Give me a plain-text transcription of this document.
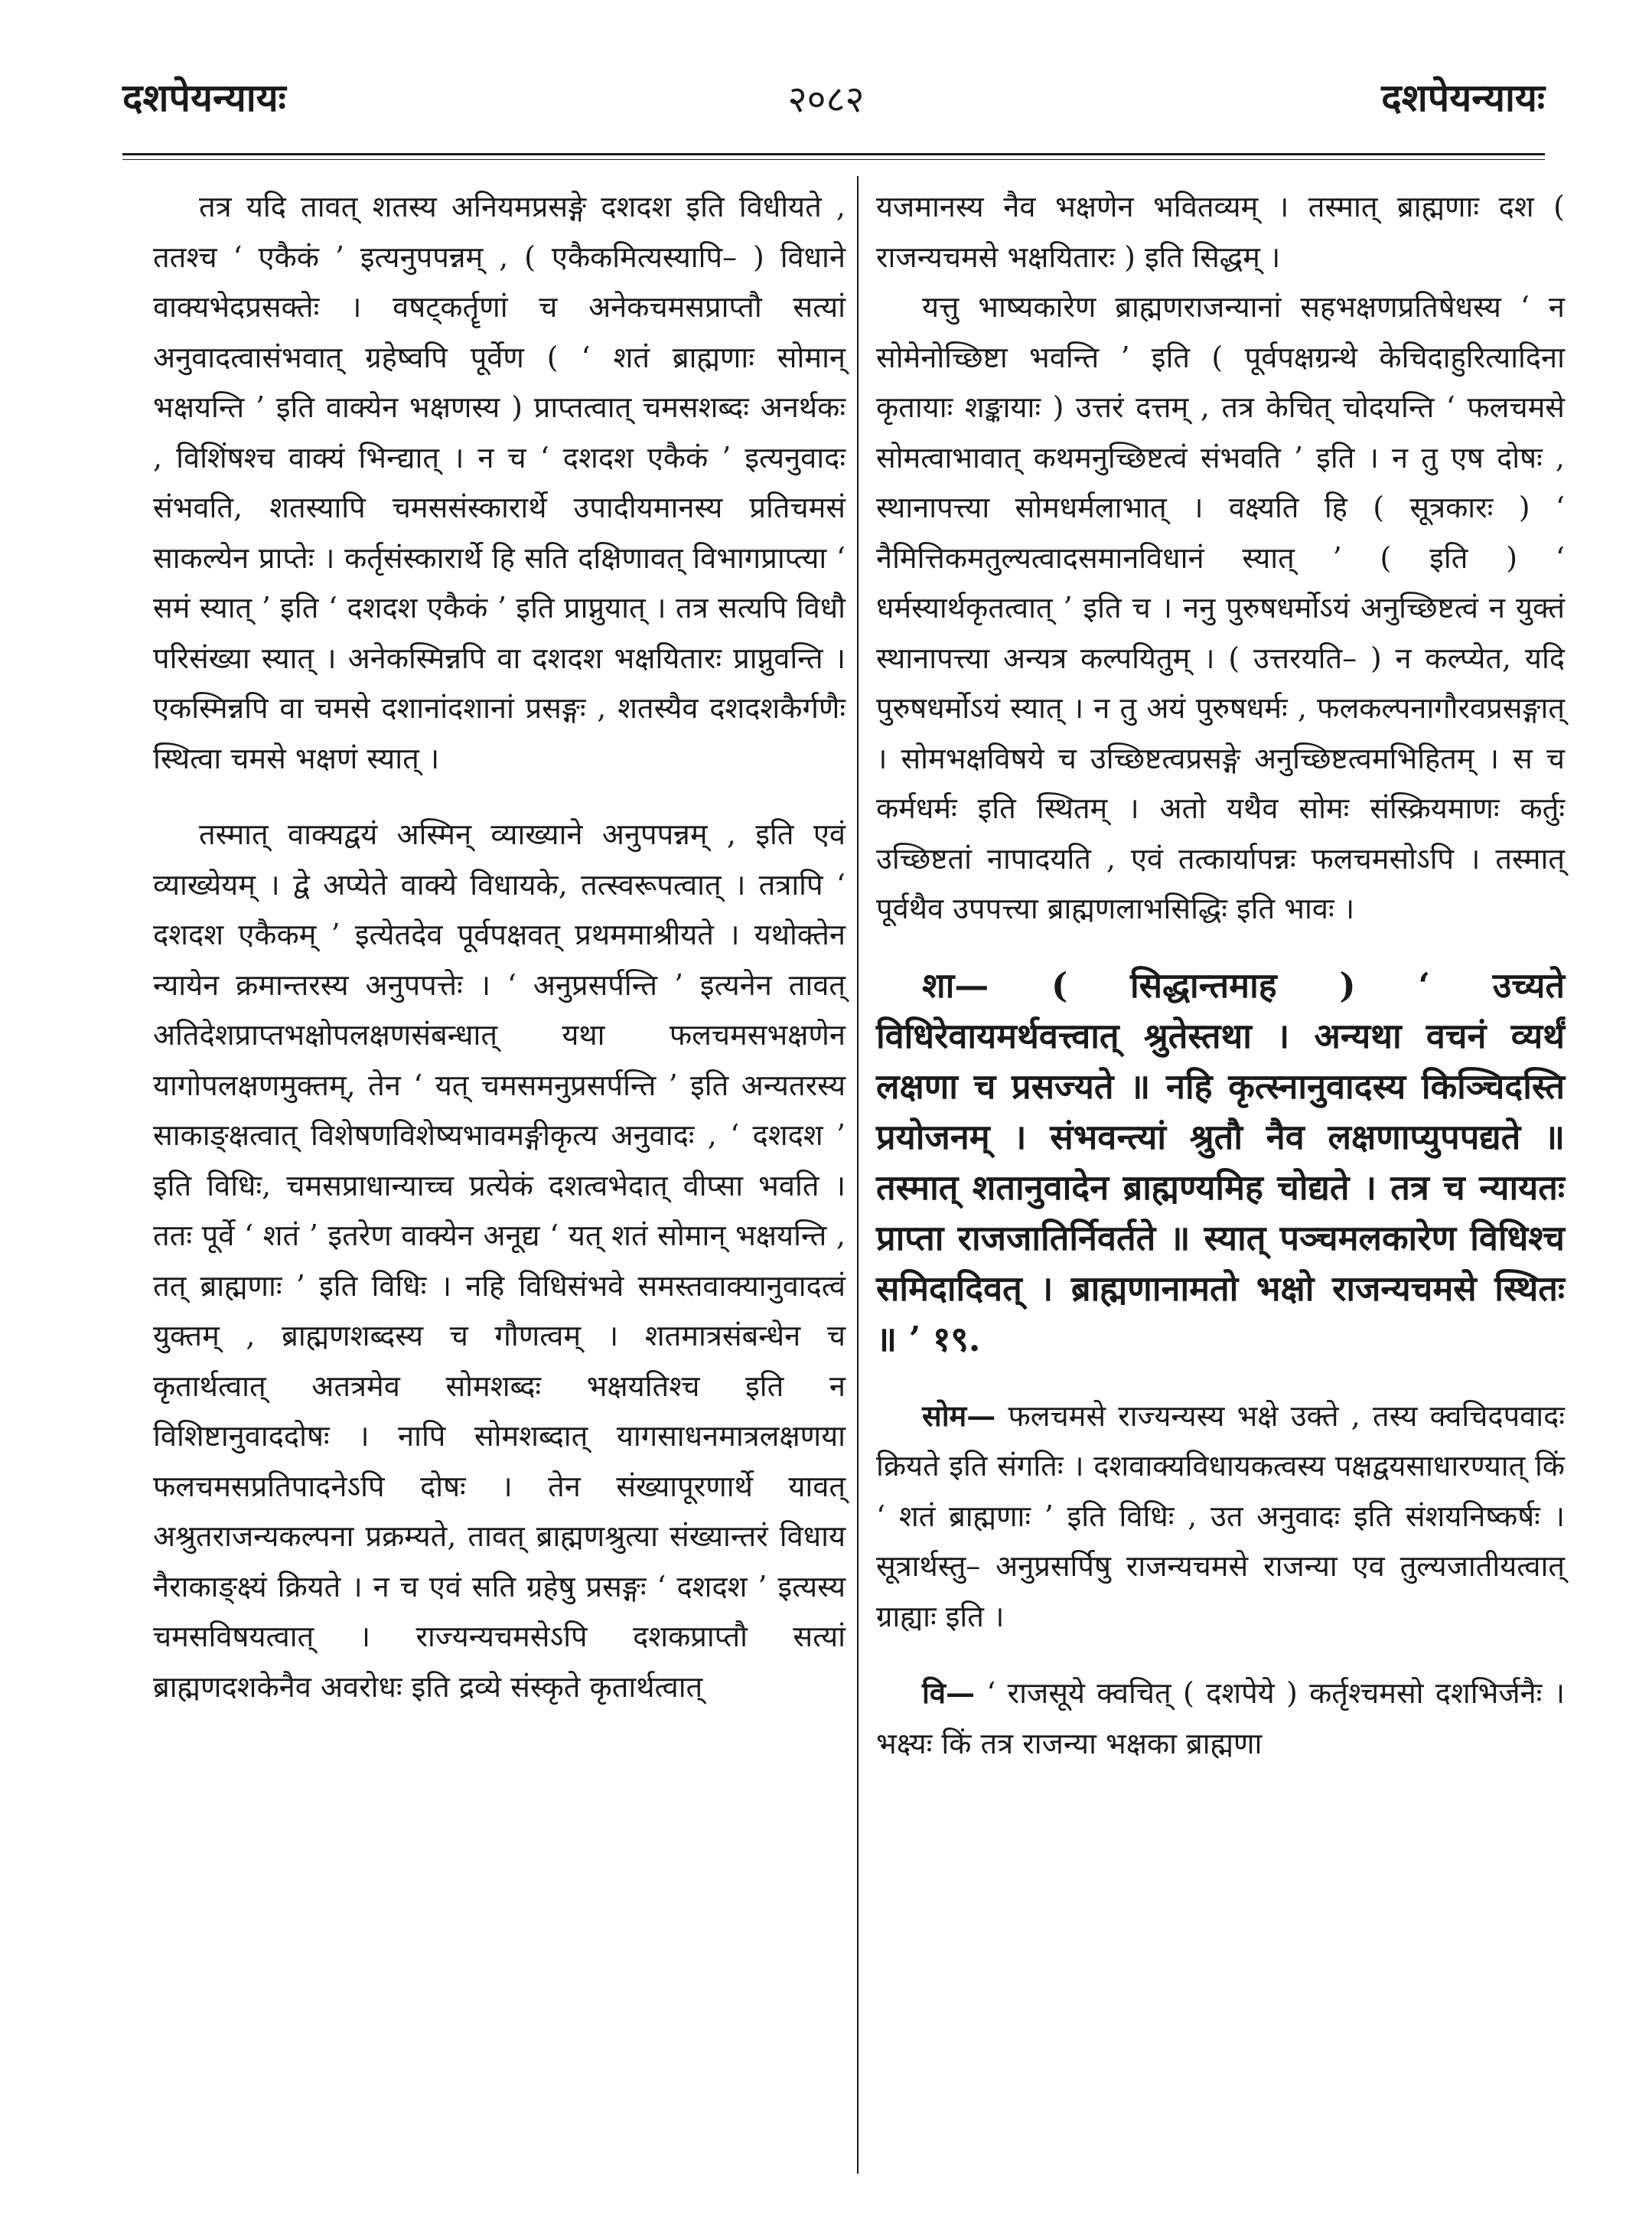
दशपेयन्यायः	२०८२	दशपेयन्यायः

तत्र यदि तावत् शतस्य अनियमप्रसङ्गे दशदश इति विधीयते , ततश्च ‘ एकैकं ’ इत्यनुपपन्नम् , ( एकैकमित्यस्यापि– ) विधाने वाक्यभेदप्रसक्तेः । वषट्कर्तॄणां च अनेकचमसप्राप्तौ सत्यां अनुवादत्वासंभवात् ग्रहेष्वपि पूर्वेण ( ‘ शतं ब्राह्मणाः सोमान् भक्षयन्ति ’ इति वाक्येन भक्षणस्य ) प्राप्तत्वात् चमसशब्दः अनर्थकः , विशिंषश्च वाक्यं भिन्द्यात् । न च ‘ दशदश एकैकं ’ इत्यनुवादः संभवति, शतस्यापि चमससंस्कारार्थे उपादीयमानस्य प्रतिचमसं साकल्येन प्राप्तेः । कर्तृसंस्कारार्थे हि सति दक्षिणावत् विभागप्राप्त्या ‘ समं स्यात् ’ इति ‘ दशदश एकैकं ’ इति प्राप्नुयात् । तत्र सत्यपि विधौ परिसंख्या स्यात् । अनेकस्मिन्नपि वा दशदश भक्षयितारः प्राप्नुवन्ति । एकस्मिन्नपि वा चमसे दशानांदशानां प्रसङ्गः , शतस्यैव दशदशकैर्गणैः स्थित्वा चमसे भक्षणं स्यात् ।

तस्मात् वाक्यद्वयं अस्मिन् व्याख्याने अनुपपन्नम् , इति एवं व्याख्येयम् । द्वे अप्येते वाक्ये विधायके, तत्स्वरूपत्वात् । तत्रापि ‘ दशदश एकैकम् ’ इत्येतदेव पूर्वपक्षवत् प्रथममाश्रीयते । यथोक्तेन न्यायेन क्रमान्तरस्य अनुपपत्तेः । ‘ अनुप्रसर्पन्ति ’ इत्यनेन तावत् अतिदेशप्राप्तभक्षोपलक्षणसंबन्धात् यथा फलचमसभक्षणेन यागोपलक्षणमुक्तम्, तेन ‘ यत् चमसमनुप्रसर्पन्ति ’ इति अन्यतरस्य साकाङ्क्षत्वात् विशेषणविशेष्यभावमङ्गीकृत्य अनुवादः , ‘ दशदश ’ इति विधिः, चमसप्राधान्याच्च प्रत्येकं दशत्वभेदात् वीप्सा भवति । ततः पूर्वे ‘ शतं ’ इतरेण वाक्येन अनूद्य ‘ यत् शतं सोमान् भक्षयन्ति , तत् ब्राह्मणाः ’ इति विधिः । नहि विधिसंभवे समस्तवाक्यानुवादत्वं युक्तम् , ब्राह्मणशब्दस्य च गौणत्वम् । शतमात्रसंबन्धेन च कृतार्थत्वात् अतत्रमेव सोमशब्दः भक्षयतिश्च इति न विशिष्टानुवाददोषः । नापि सोमशब्दात् यागसाधनमात्रलक्षणया फलचमसप्रतिपादनेऽपि दोषः । तेन संख्यापूरणार्थे यावत् अश्रुतराजन्यकल्पना प्रक्रम्यते, तावत् ब्राह्मणश्रुत्या संख्यान्तरं विधाय नैराकाङ्क्ष्यं क्रियते । न च एवं सति ग्रहेषु प्रसङ्गः ‘ दशदश ’ इत्यस्य चमसविषयत्वात् । राज्यन्यचमसेऽपि दशकप्राप्तौ सत्यां ब्राह्मणदशकेनैव अवरोधः इति द्रव्ये संस्कृते कृतार्थत्वात्

यजमानस्य नैव भक्षणेन भवितव्यम् । तस्मात् ब्राह्मणाः दश ( राजन्यचमसे भक्षयितारः ) इति सिद्धम् ।

यत्तु भाष्यकारेण ब्राह्मणराजन्यानां सहभक्षणप्रतिषेधस्य ‘ न सोमेनोच्छिष्टा भवन्ति ’ इति ( पूर्वपक्षग्रन्थे केचिदाहुरित्यादिना कृतायाः शङ्कायाः ) उत्तरं दत्तम् , तत्र केचित् चोदयन्ति ‘ फलचमसे सोमत्वाभावात् कथमनुच्छिष्टत्वं संभवति ’ इति । न तु एष दोषः , स्थानापत्त्या सोमधर्मलाभात् । वक्ष्यति हि ( सूत्रकारः ) ‘ नैमित्तिकमतुल्यत्वादसमानविधानं स्यात् ’ ( इति ) ‘ धर्मस्यार्थकृतत्वात् ’ इति च । ननु पुरुषधर्मोऽयं अनुच्छिष्टत्वं न युक्तं स्थानापत्त्या अन्यत्र कल्पयितुम् । ( उत्तरयति– ) न कल्प्येत, यदि पुरुषधर्मोऽयं स्यात् । न तु अयं पुरुषधर्मः , फलकल्पनागौरवप्रसङ्गात् । सोमभक्षविषये च उच्छिष्टत्वप्रसङ्गे अनुच्छिष्टत्वमभिहितम् । स च कर्मधर्मः इति स्थितम् । अतो यथैव सोमः संस्क्रियमाणः कर्तुः उच्छिष्टतां नापादयति , एवं तत्कार्यापन्नः फलचमसोऽपि । तस्मात् पूर्वथैव उपपत्त्या ब्राह्मणलाभसिद्धिः इति भावः ।

शा— ( सिद्धान्तमाह ) ‘ उच्यते विधिरेवायमर्थवत्त्वात् श्रुतेस्तथा । अन्यथा वचनं व्यर्थं लक्षणा च प्रसज्यते ॥ नहि कृत्स्नानुवादस्य किञ्चिदस्ति प्रयोजनम् । संभवन्त्यां श्रुतौ नैव लक्षणाप्युपपद्यते ॥ तस्मात् शतानुवादेन ब्राह्मण्यमिह चोद्यते । तत्र च न्यायतः प्राप्ता राजजातिर्निवर्तते ॥ स्यात् पञ्चमलकारेण विधिश्च समिदादिवत् । ब्राह्मणानामतो भक्षो राजन्यचमसे स्थितः ॥ ’ १९.

सोम— फलचमसे राज्यन्यस्य भक्षे उक्ते , तस्य क्वचिदपवादः क्रियते इति संगतिः । दशवाक्यविधायकत्वस्य पक्षद्वयसाधारण्यात् किं ‘ शतं ब्राह्मणाः ’ इति विधिः , उत अनुवादः इति संशयनिष्कर्षः । सूत्रार्थस्तु– अनुप्रसर्पिषु राजन्यचमसे राजन्या एव तुल्यजातीयत्वात् ग्राह्याः इति ।

वि— ‘ राजसूये क्वचित् ( दशपेये ) कर्तृश्चमसो दशभिर्जनैः । भक्ष्यः किं तत्र राजन्या भक्षका ब्राह्मणा
